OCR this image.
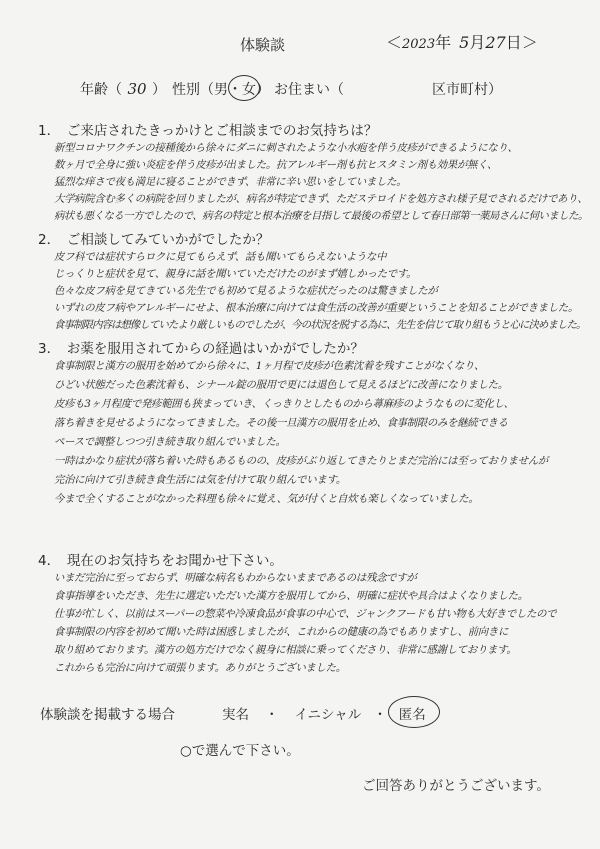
体験談	＜2023年 5月27日＞
年齢（ 30 ） 性別（男・女） お住まい（	区市町村）
1．　ご来店されたきっかけとご相談までのお気持ちは？
新型コロナワクチンの接種後から徐々にダニに刺されたような小水疱を伴う皮疹ができるようになり、
数ヶ月で全身に強い炎症を伴う皮疹が出ました。抗アレルギー剤も抗ヒスタミン剤も効果が無く、
猛烈な痒さで夜も満足に寝ることができず、非常に辛い思いをしていました。
大学病院含む多くの病院を回りましたが、病名が特定できず、ただステロイドを処方され様子見でされるだけであり、
病状も悪くなる一方でしたので、病名の特定と根本治療を目指して最後の希望として春日部第一薬局さんに伺いました。
2．　ご相談してみていかがでしたか？
皮フ科では症状すらロクに見てもらえず、話も聞いてもらえないような中
じっくりと症状を見て、親身に話を聞いていただけたのがまず嬉しかったです。
色々な皮フ病を見てきている先生でも初めて見るような症状だったのは驚きましたが
いずれの皮フ病やアレルギーにせよ、根本治療に向けては食生活の改善が重要ということを知ることができました。
食事制限内容は想像していたより厳しいものでしたが、今の状況を脱する為に、先生を信じて取り組もうと心に決めました。
3．　お薬を服用されてからの経過はいかがでしたか？
食事制限と漢方の服用を始めてから徐々に、1ヶ月程で皮疹が色素沈着を残すことがなくなり、
ひどい状態だった色素沈着も、シナール錠の服用で更には退色して見えるほどに改善になりました。
皮疹も3ヶ月程度で発疹範囲も狭まっていき、くっきりとしたものから蕁麻疹のようなものに変化し、
落ち着きを見せるようになってきました。その後一旦漢方の服用を止め、食事制限のみを継続できる
ペースで調整しつつ引き続き取り組んでいました。
一時はかなり症状が落ち着いた時もあるものの、皮疹がぶり返してきたりとまだ完治には至っておりませんが
完治に向けて引き続き食生活には気を付けて取り組んでいます。
今まで全くすることがなかった料理も徐々に覚え、気が付くと自炊も楽しくなっていました。
4．　現在のお気持ちをお聞かせ下さい。
いまだ完治に至っておらず、明確な病名もわからないままであるのは残念ですが
食事指導をいただき、先生に選定いただいた漢方を服用してから、明確に症状や具合はよくなりました。
仕事が忙しく、以前はスーパーの惣菜や冷凍食品が食事の中心で、ジャンクフードも甘い物も大好きでしたので
食事制限の内容を初めて聞いた時は困惑しましたが、これからの健康の為でもありますし、前向きに
取り組めております。漢方の処方だけでなく親身に相談に乗ってくださり、非常に感謝しております。
これからも完治に向けて頑張ります。ありがとうございました。
体験談を掲載する場合	実名 ・ イニシャル ・ 匿名
○で選んで下さい。
ご回答ありがとうございます。
